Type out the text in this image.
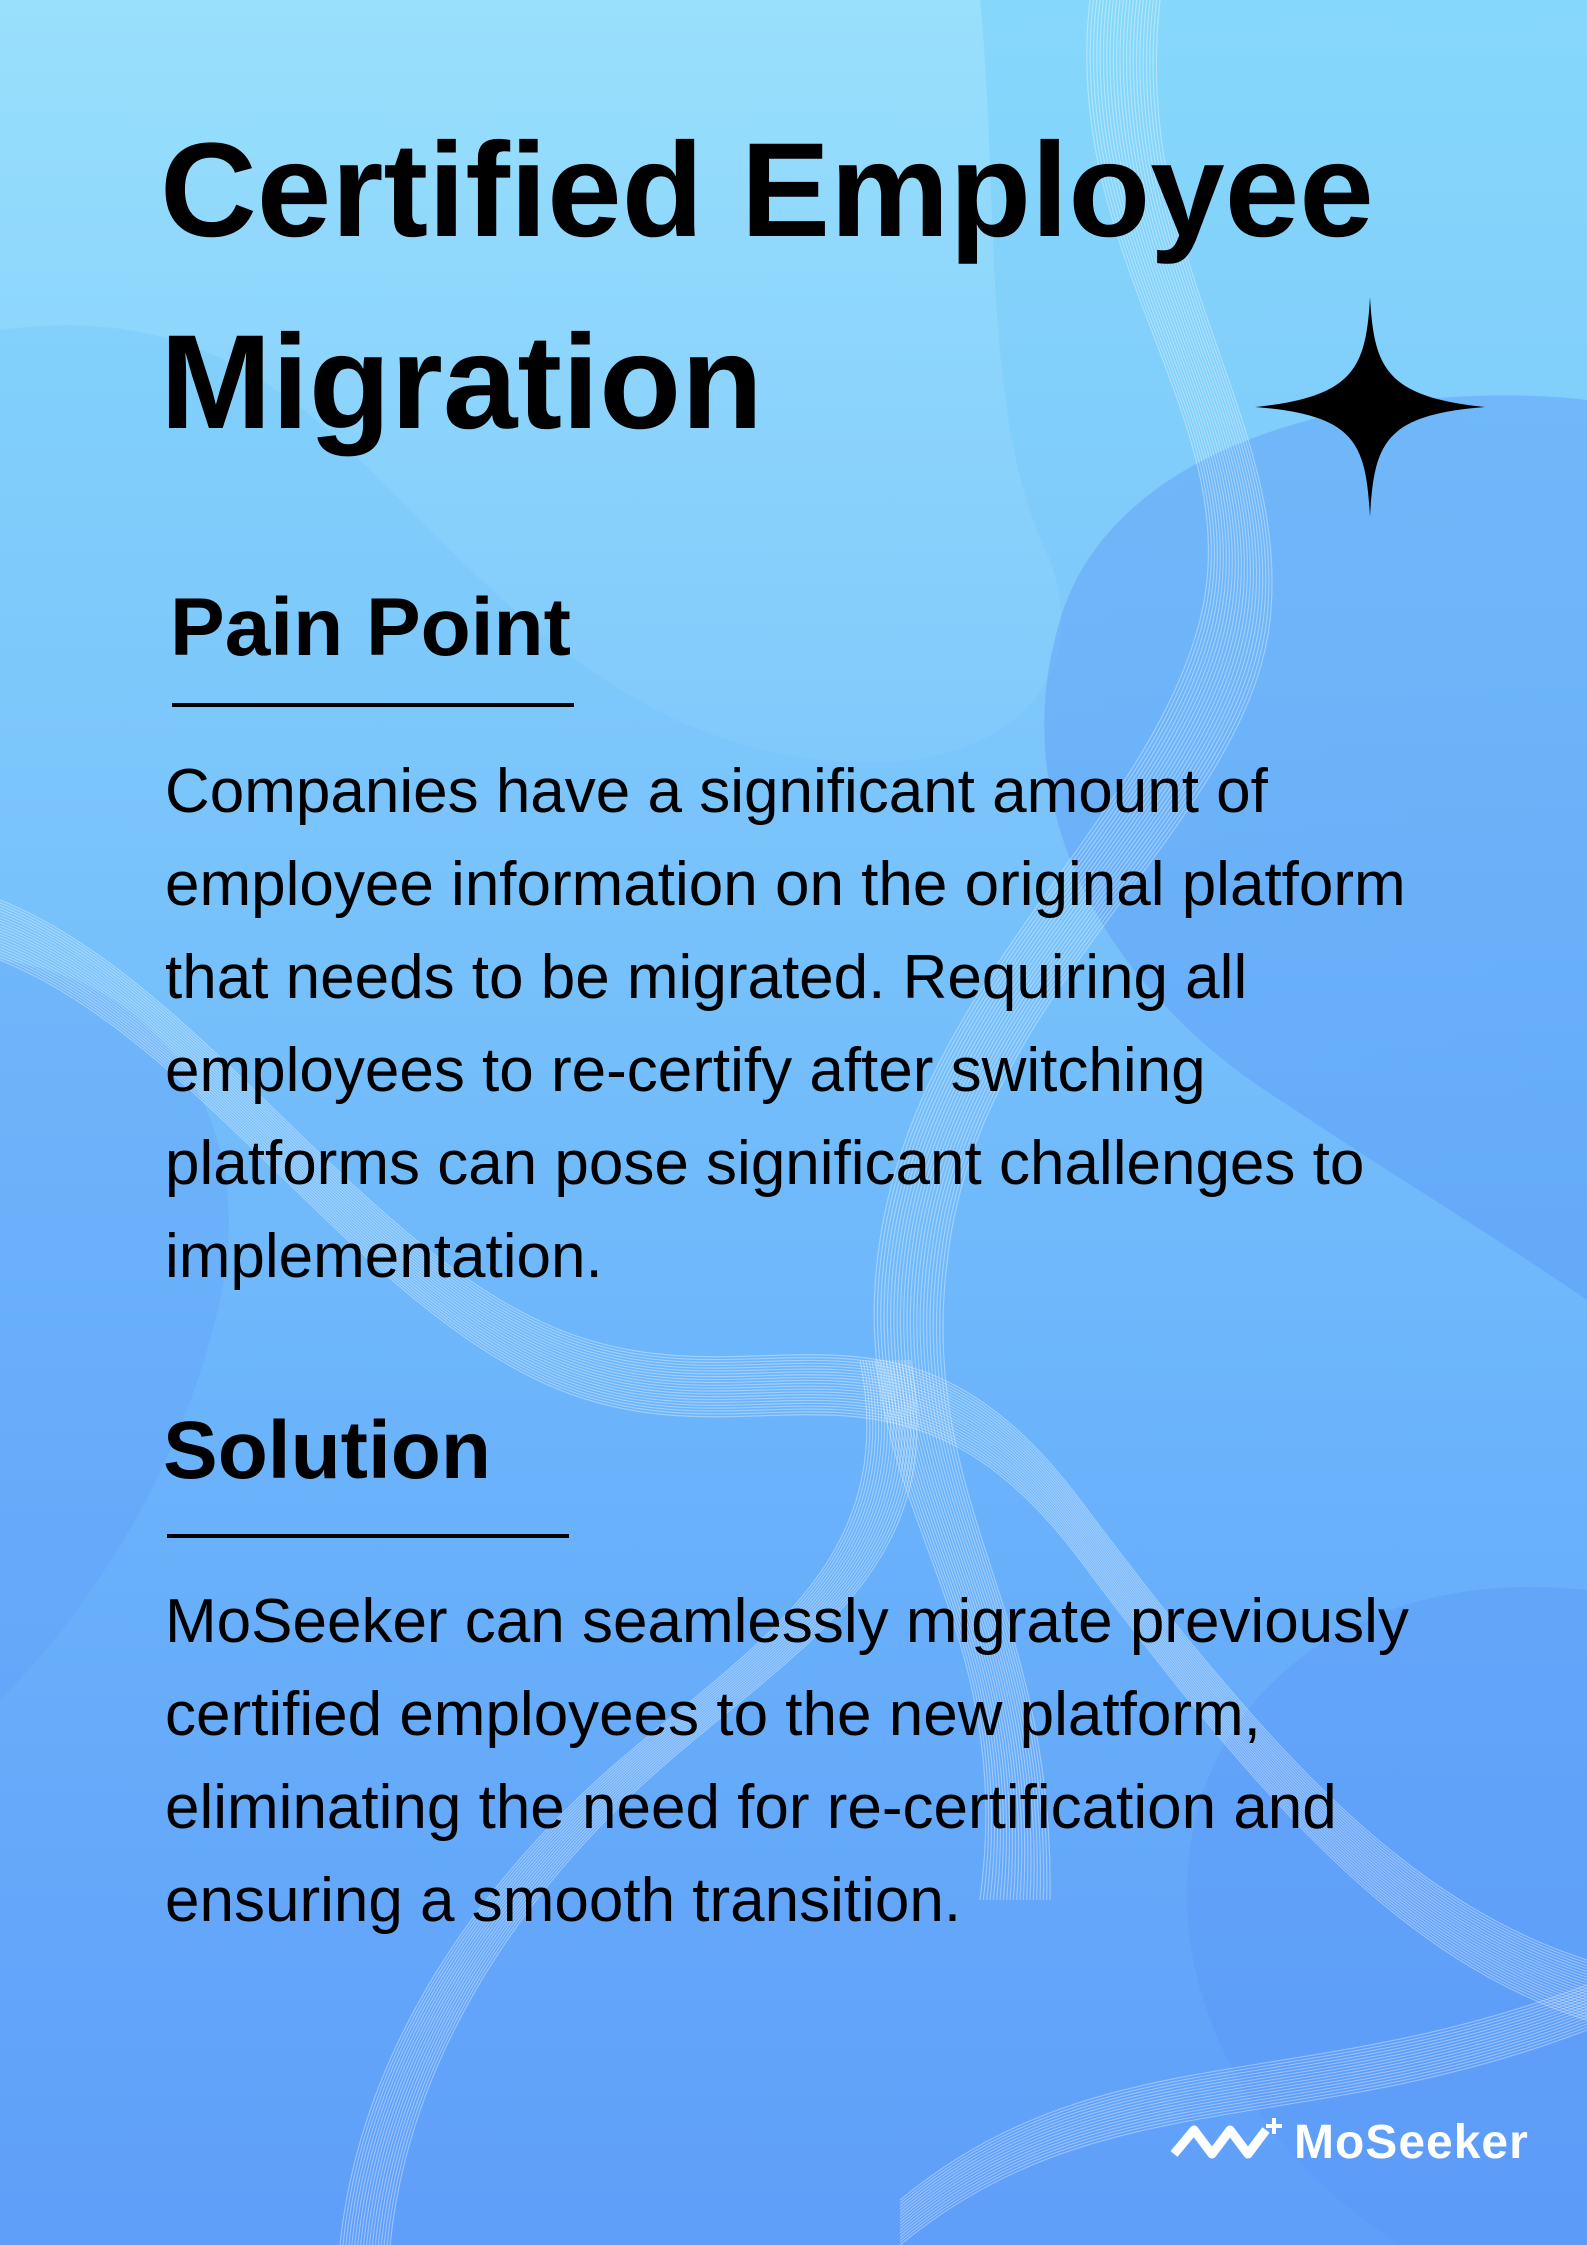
Certified Employee Migration
Pain Point

Companies have a significant amount of employee information on the original platform that needs to be migrated. Requiring all employees to re-certify after switching platforms can pose significant challenges to implementation.

Solution

MoSeeker can seamlessly migrate previously certified employees to the new platform, eliminating the need for re-certification and ensuring a smooth transition.

MoSeeker
